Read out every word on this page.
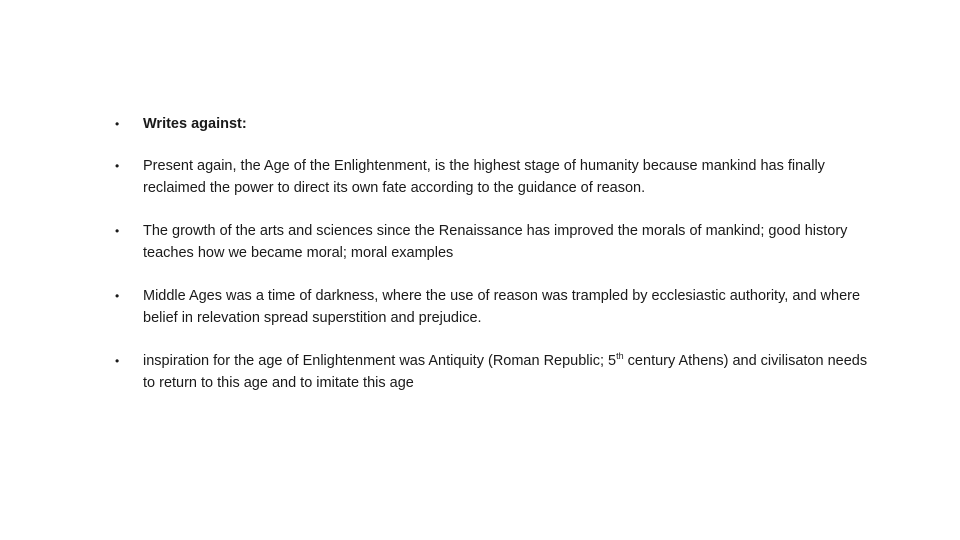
•	Writes against:
•	Present again, the Age of the Enlightenment, is the highest stage of humanity because mankind has finally reclaimed the power to direct its own fate according to the guidance of reason.
•	The growth of the arts and sciences since the Renaissance has improved the morals of mankind; good history teaches how we became moral; moral examples
•	Middle Ages was a time of darkness, where the use of reason was trampled by ecclesiastic authority, and where belief in relevation spread superstition and prejudice.
•	inspiration for the age of Enlightenment was Antiquity (Roman Republic; 5th century Athens) and civilisaton needs to return to this age and to imitate this age
